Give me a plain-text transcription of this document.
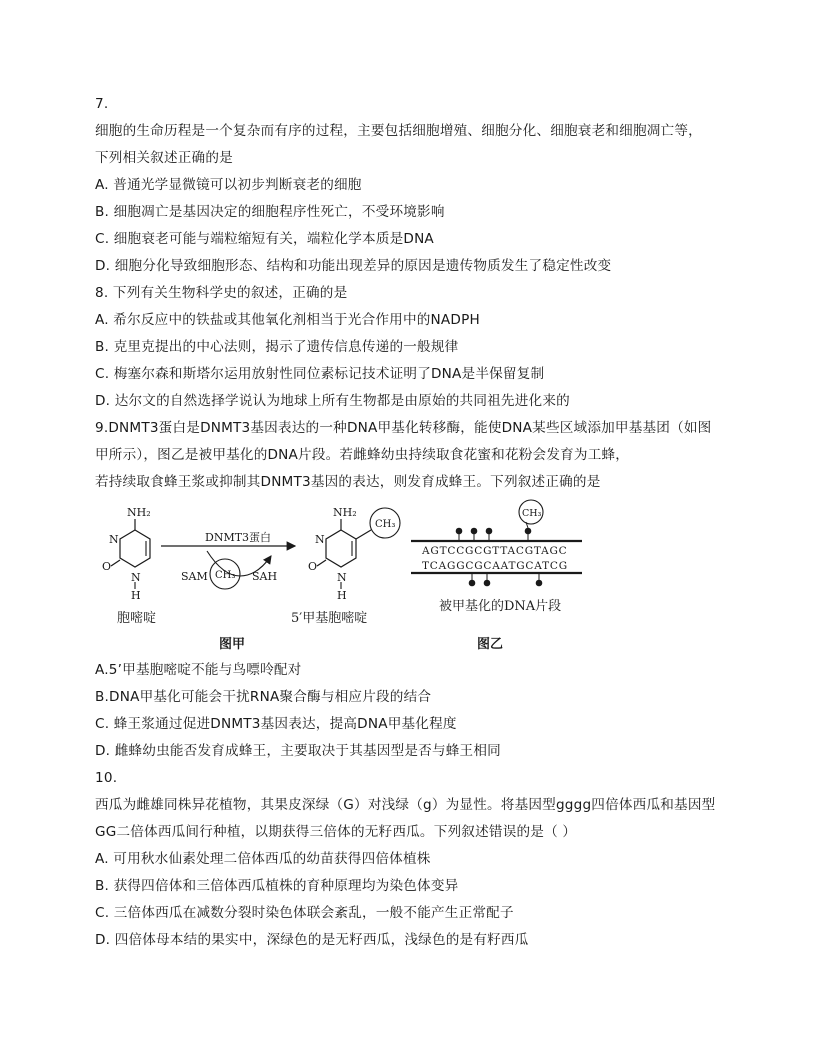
7.
细胞的生命历程是一个复杂而有序的过程，主要包括细胞增殖、细胞分化、细胞衰老和细胞凋亡等，
下列相关叙述正确的是
A. 普通光学显微镜可以初步判断衰老的细胞
B. 细胞凋亡是基因决定的细胞程序性死亡，不受环境影响
C. 细胞衰老可能与端粒缩短有关，端粒化学本质是DNA
D. 细胞分化导致细胞形态、结构和功能出现差异的原因是遗传物质发生了稳定性改变
8. 下列有关生物科学史的叙述，正确的是
A. 希尔反应中的铁盐或其他氧化剂相当于光合作用中的NADPH
B. 克里克提出的中心法则，揭示了遗传信息传递的一般规律
C. 梅塞尔森和斯塔尔运用放射性同位素标记技术证明了DNA是半保留复制
D. 达尔文的自然选择学说认为地球上所有生物都是由原始的共同祖先进化来的
9.DNMT3蛋白是DNMT3基因表达的一种DNA甲基化转移酶，能使DNA某些区域添加甲基基团（如图
甲所示），图乙是被甲基化的DNA片段。若雌蜂幼虫持续取食花蜜和花粉会发育为工蜂，
若持续取食蜂王浆或抑制其DNMT3基因的表达，则发育成蜂王。下列叙述正确的是
NH₂
N
O
N
H
胞嘧啶
DNMT3蛋白
CH₃
SAM	SAH
NH₂
CH₃
N
O
N
H
5′甲基胞嘧啶
AGTCCGCGTTACGTAGC
TCAGGCGCAATGCATCG
CH₃
被甲基化的DNA片段
图甲	图乙
A.5’甲基胞嘧啶不能与鸟嘌呤配对
B.DNA甲基化可能会干扰RNA聚合酶与相应片段的结合
C. 蜂王浆通过促进DNMT3基因表达，提高DNA甲基化程度
D. 雌蜂幼虫能否发育成蜂王，主要取决于其基因型是否与蜂王相同
10.
西瓜为雌雄同株异花植物，其果皮深绿（G）对浅绿（g）为显性。将基因型gggg四倍体西瓜和基因型
GG二倍体西瓜间行种植，以期获得三倍体的无籽西瓜。下列叙述错误的是（ ）
A. 可用秋水仙素处理二倍体西瓜的幼苗获得四倍体植株
B. 获得四倍体和三倍体西瓜植株的育种原理均为染色体变异
C. 三倍体西瓜在减数分裂时染色体联会紊乱，一般不能产生正常配子
D. 四倍体母本结的果实中，深绿色的是无籽西瓜，浅绿色的是有籽西瓜
